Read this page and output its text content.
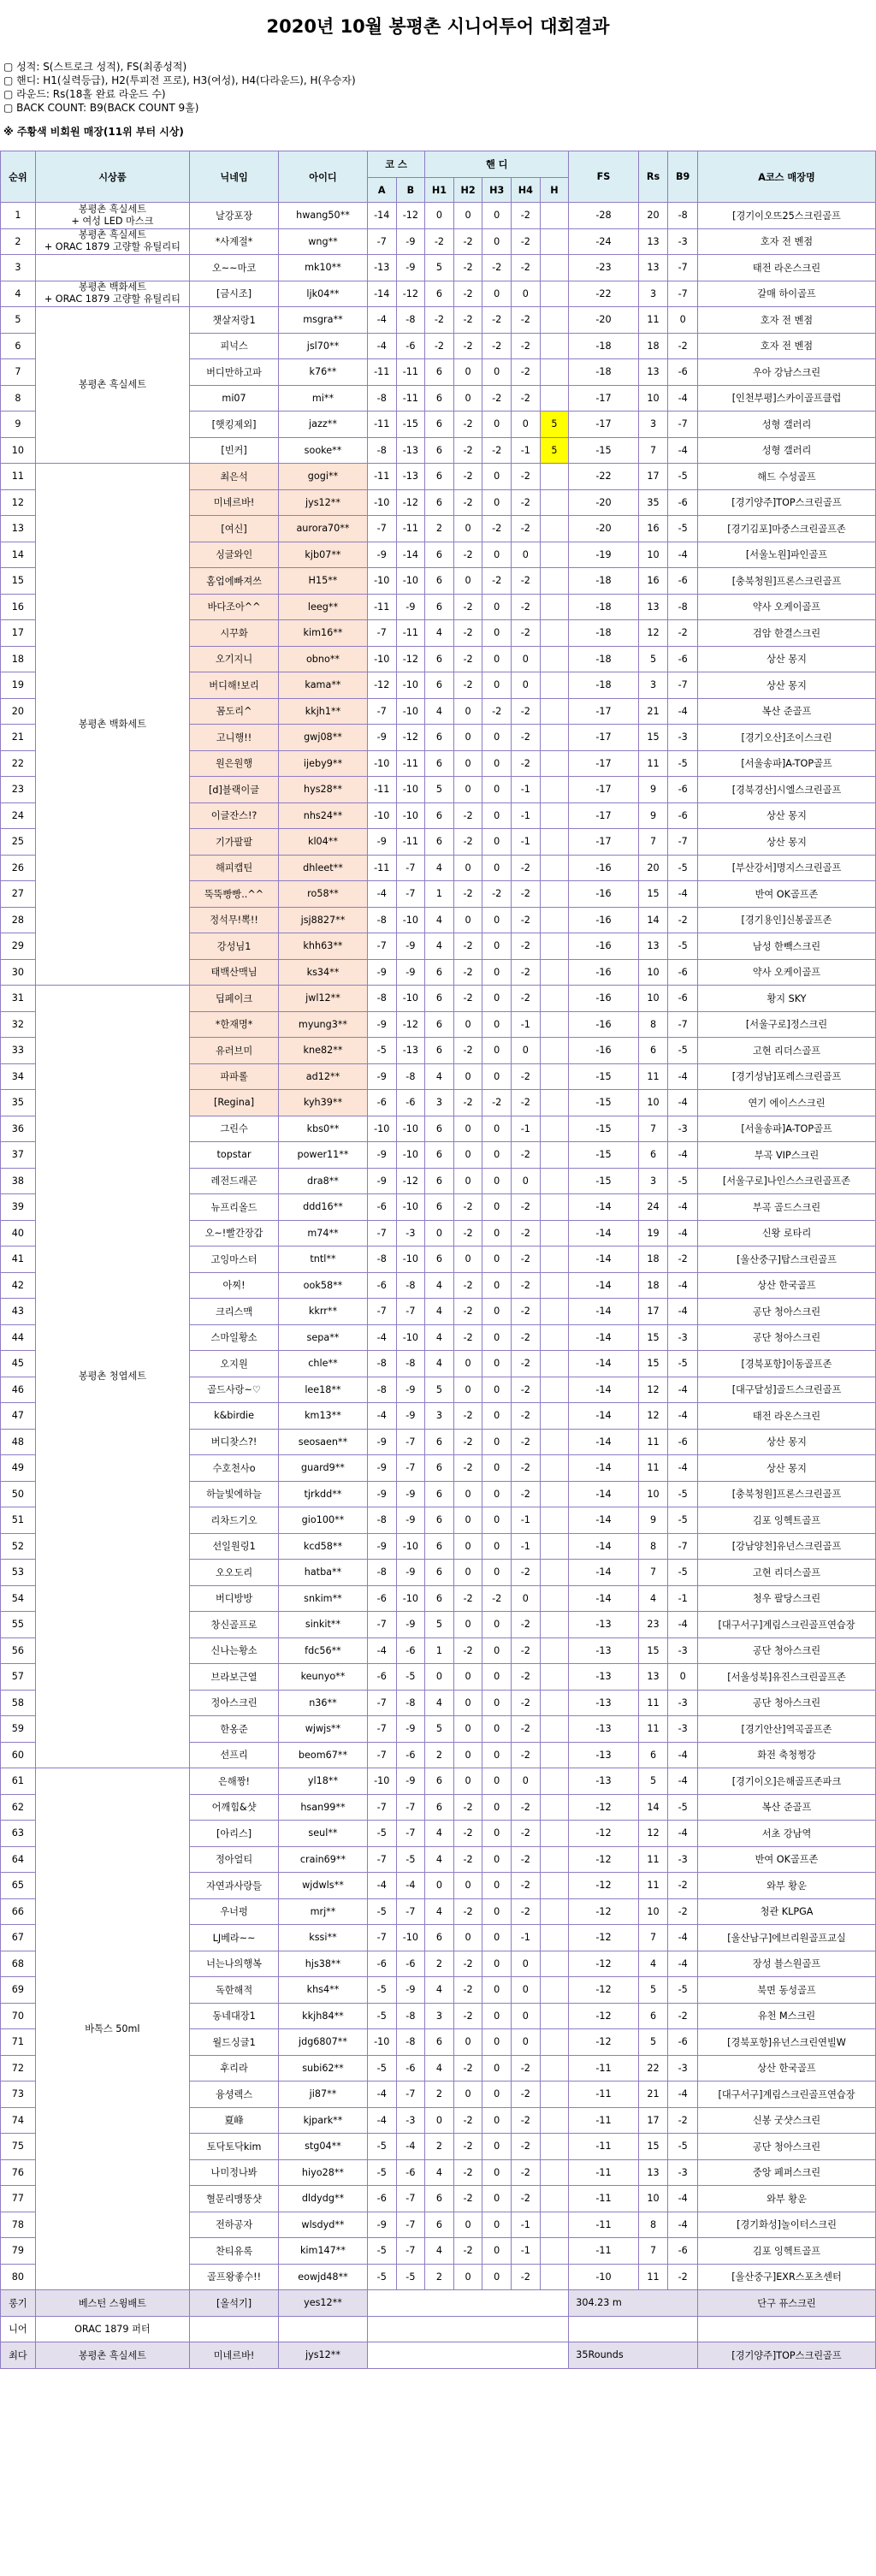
2020년 10월 봉평촌 시니어투어 대회결과
▢ 성적: S(스트로크 성적), FS(최종성적)
▢ 핸디: H1(실력등급), H2(투피전 프로), H3(여성), H4(다라운드), H(우승자)
▢ 라운드: Rs(18홀 완료 라운드 수)
▢ BACK COUNT: B9(BACK COUNT 9홀)
※ 주황색 비회원 매장(11위 부터 시상)
순위	시상품	닉네임	아이디	코 스		핸 디					FS	Rs	B9	A코스 매장명
				A	B	H1	H2	H3	H4	H				
1	봉평촌 흑실세트
+ 여성 LED 마스크	날강포장	hwang50**	-14	-12	0	0	0	-2		-28	20	-8	[경기이오뜨25스크린골프
2	봉평촌 흑실세트
+ ORAC 1879 고량할 유틸리티	*사계절*	wng**	-7	-9	-2	-2	0	-2		-24	13	-3	호자 전 벤점
3		오~~마코	mk10**	-13	-9	5	-2	-2	-2		-23	13	-7	태전 라온스크린
4	봉평촌 백화세트
+ ORAC 1879 고량할 유틸리티	[금시조]	ljk04**	-14	-12	6	-2	0	0		-22	3	-7	갈매 하이골프
5	봉평촌 흑실세트	챗살저랑1	msgra**	-4	-8	-2	-2	-2	-2		-20	11	0	호자 전 벤점
6		피넉스	jsl70**	-4	-6	-2	-2	-2	-2		-18	18	-2	호자 전 벤점
7		버디만하고파	k76**	-11	-11	6	0	0	-2		-18	13	-6	우아 강남스크린
8		mi07	mi**	-8	-11	6	0	-2	-2		-17	10	-4	[인천부평]스카이골프클럽
9		[햇킹제외]	jazz**	-11	-15	6	-2	0	0	5	-17	3	-7	성형 갤러리
10		[빈커]	sooke**	-8	-13	6	-2	-2	-1	5	-15	7	-4	성형 갤러리
11	봉평촌 백화세트	최은석	gogi**	-11	-13	6	-2	0	-2		-22	17	-5	해드 수성골프
12		미네르바!	jys12**	-10	-12	6	-2	0	-2		-20	35	-6	[경기양주]TOP스크린골프
13		[여신]	aurora70**	-7	-11	2	0	-2	-2		-20	16	-5	[경기김포]마중스크린골프존
14		싱글와인	kjb07**	-9	-14	6	-2	0	0		-19	10	-4	[서울노원]파인골프
15		홈업에빠져쓰	H15**	-10	-10	6	0	-2	-2		-18	16	-6	[충북청원]프론스크린골프
16		바다조아^^	leeg**	-11	-9	6	-2	0	-2		-18	13	-8	약사 오케이골프
17		시꾸화	kim16**	-7	-11	4	-2	0	-2		-18	12	-2	검암 한결스크린
18		오기지니	obno**	-10	-12	6	-2	0	0		-18	5	-6	상산 몽지
19		버디해!보리	kama**	-12	-10	6	-2	0	0		-18	3	-7	상산 몽지
20		꼼도리^	kkjh1**	-7	-10	4	0	-2	-2		-17	21	-4	복산 준골프
21		고니행!!	gwj08**	-9	-12	6	0	0	-2		-17	15	-3	[경기오산]조이스크린
22		원은원행	ijeby9**	-10	-11	6	0	0	-2		-17	11	-5	[서울송파]A-TOP골프
23		[d]블랙이글	hys28**	-11	-10	5	0	0	-1		-17	9	-6	[경북경산]시엘스크린골프
24		이글잔스!?	nhs24**	-10	-10	6	-2	0	-1		-17	9	-6	상산 몽지
25		기가팔팔	kl04**	-9	-11	6	-2	0	-1		-17	7	-7	상산 몽지
26		해피캡틴	dhleet**	-11	-7	4	0	0	-2		-16	20	-5	[부산강서]명지스크린골프
27		뚝뚝빵빵..^^	ro58**	-4	-7	1	-2	-2	-2		-16	15	-4	반여 OK골프존
28		정석무!뽁!!	jsj8827**	-8	-10	4	0	0	-2		-16	14	-2	[경기용인]신봉골프존
29		강성님1	khh63**	-7	-9	4	-2	0	-2		-16	13	-5	남성 한빽스크린
30		태백산맥님	ks34**	-9	-9	6	-2	0	-2		-16	10	-6	약사 오케이골프
31	봉평촌 청엽세트	딥페이크	jwl12**	-8	-10	6	-2	0	-2		-16	10	-6	황지 SKY
32		*한재명*	myung3**	-9	-12	6	0	0	-1		-16	8	-7	[서울구로]정스크린
33		유러브미	kne82**	-5	-13	6	-2	0	0		-16	6	-5	고현 리더스골프
34		파파롤	ad12**	-9	-8	4	0	0	-2		-15	11	-4	[경기성남]포레스크린골프
35		[Regina]	kyh39**	-6	-6	3	-2	-2	-2		-15	10	-4	연기 에이스스크린
36		그린수	kbs0**	-10	-10	6	0	0	-1		-15	7	-3	[서울송파]A-TOP골프
37		topstar	power11**	-9	-10	6	0	0	-2		-15	6	-4	부곡 VIP스크린
38		레전드래곤	dra8**	-9	-12	6	0	0	0		-15	3	-5	[서울구로]나인스스크린골프존
39		뉴프리올드	ddd16**	-6	-10	6	-2	0	-2		-14	24	-4	부곡 골드스크린
40		오~!빨간장갑	m74**	-7	-3	0	-2	0	-2		-14	19	-4	신왕 로타리
41		고잉마스터	tntl**	-8	-10	6	0	0	-2		-14	18	-2	[울산중구]탑스크린골프
42		아찌!	ook58**	-6	-8	4	-2	0	-2		-14	18	-4	상산 한국골프
43		크리스맥	kkrr**	-7	-7	4	-2	0	-2		-14	17	-4	공단 청아스크린
44		스마일황소	sepa**	-4	-10	4	-2	0	-2		-14	15	-3	공단 청아스크린
45		오지원	chle**	-8	-8	4	0	0	-2		-14	15	-5	[경북포항]이동골프존
46		골드사랑~♡	lee18**	-8	-9	5	0	0	-2		-14	12	-4	[대구달성]골드스크린골프
47		k&birdie	km13**	-4	-9	3	-2	0	-2		-14	12	-4	태전 라온스크린
48		버디찾스?!	seosaen**	-9	-7	6	-2	0	-2		-14	11	-6	상산 몽지
49		수호천사o	guard9**	-9	-7	6	-2	0	-2		-14	11	-4	상산 몽지
50		하늘빛에하늘	tjrkdd**	-9	-9	6	0	0	-2		-14	10	-5	[충북청원]프론스크린골프
51		리차드기오	gio100**	-8	-9	6	0	0	-1		-14	9	-5	김포 잉헥트골프
52		선일원링1	kcd58**	-9	-10	6	0	0	-1		-14	8	-7	[강남양천]유넌스크린골프
53		오오도리	hatba**	-8	-9	6	0	0	-2		-14	7	-5	고현 리더스골프
54		버디방방	snkim**	-6	-10	6	-2	-2	0		-14	4	-1	청우 팔당스크린
55		창신골프로	sinkit**	-7	-9	5	0	0	-2		-13	23	-4	[대구서구]계림스크린골프연습장
56		신나는황소	fdc56**	-4	-6	1	-2	0	-2		-13	15	-3	공단 청아스크린
57		브라보근열	keunyo**	-6	-5	0	0	0	-2		-13	13	0	[서울성북]유진스크린골프존
58		정아스크린	n36**	-7	-8	4	0	0	-2		-13	11	-3	공단 청아스크린
59		한옹준	wjwjs**	-7	-9	5	0	0	-2		-13	11	-3	[경기안산]역곡골프존
60		선프리	beom67**	-7	-6	2	0	0	-2		-13	6	-4	화전 축청쩡강
61	바톡스 50ml	은해짱!	yl18**	-10	-9	6	0	0	0		-13	5	-4	[경기이오]은해골프존파크
62		어깨힘&샷	hsan99**	-7	-7	6	-2	0	-2		-12	14	-5	복산 준골프
63		[아리스]	seul**	-5	-7	4	-2	0	-2		-12	12	-4	서초 강남역
64		정아얼티	crain69**	-7	-5	4	-2	0	-2		-12	11	-3	반여 OK골프존
65		자연과사랑들	wjdwls**	-4	-4	0	0	0	-2		-12	11	-2	와부 황운
66		우너펑	mrj**	-5	-7	4	-2	0	-2		-12	10	-2	청관 KLPGA
67		LJ베라~~	kssi**	-7	-10	6	0	0	-1		-12	7	-4	[울산남구]에브리원골프교실
68		너는나의행복	hjs38**	-6	-6	2	-2	0	0		-12	4	-4	장성 블스원골프
69		독한해적	khs4**	-5	-9	4	-2	0	0		-12	5	-5	북면 동성골프
70		동네대장1	kkjh84**	-5	-8	3	-2	0	0		-12	6	-2	유천 M스크린
71		월드싱글1	jdg6807**	-10	-8	6	0	0	0		-12	5	-6	[경북포항]유넌스크린연빌W
72		후리라	subi62**	-5	-6	4	-2	0	-2		-11	22	-3	상산 한국골프
73		융셩렉스	ji87**	-4	-7	2	0	0	-2		-11	21	-4	[대구서구]계림스크린골프연습장
74		夏峰	kjpark**	-4	-3	0	-2	0	-2		-11	17	-2	신봉 굿샷스크린
75		토닥토닥kim	stg04**	-5	-4	2	-2	0	-2		-11	15	-5	공단 청아스크린
76		나미정나봐	hiyo28**	-5	-6	4	-2	0	-2		-11	13	-3	중앙 페퍼스크린
77		혈문리맹뚱샷	dldydg**	-6	-7	6	-2	0	-2		-11	10	-4	와부 황운
78		전하공자	wlsdyd**	-9	-7	6	0	0	-1		-11	8	-4	[경기화성]놀이터스크린
79		찬티유록	kim147**	-5	-7	4	-2	0	-1		-11	7	-6	김포 잉헥트골프
80		골프왕좋수!!	eowjd48**	-5	-5	2	0	0	-2		-10	11	-2	[울산중구]EXR스포츠센터
롱기	베스턴 스윙배트	[올석기]	yes12**								304.23 m			단구 퓨스크린
니어	ORAC 1879 퍼터													
최다	봉평촌 흑실세트	미네르바!	jys12**								35Rounds			[경기양주]TOP스크린골프
